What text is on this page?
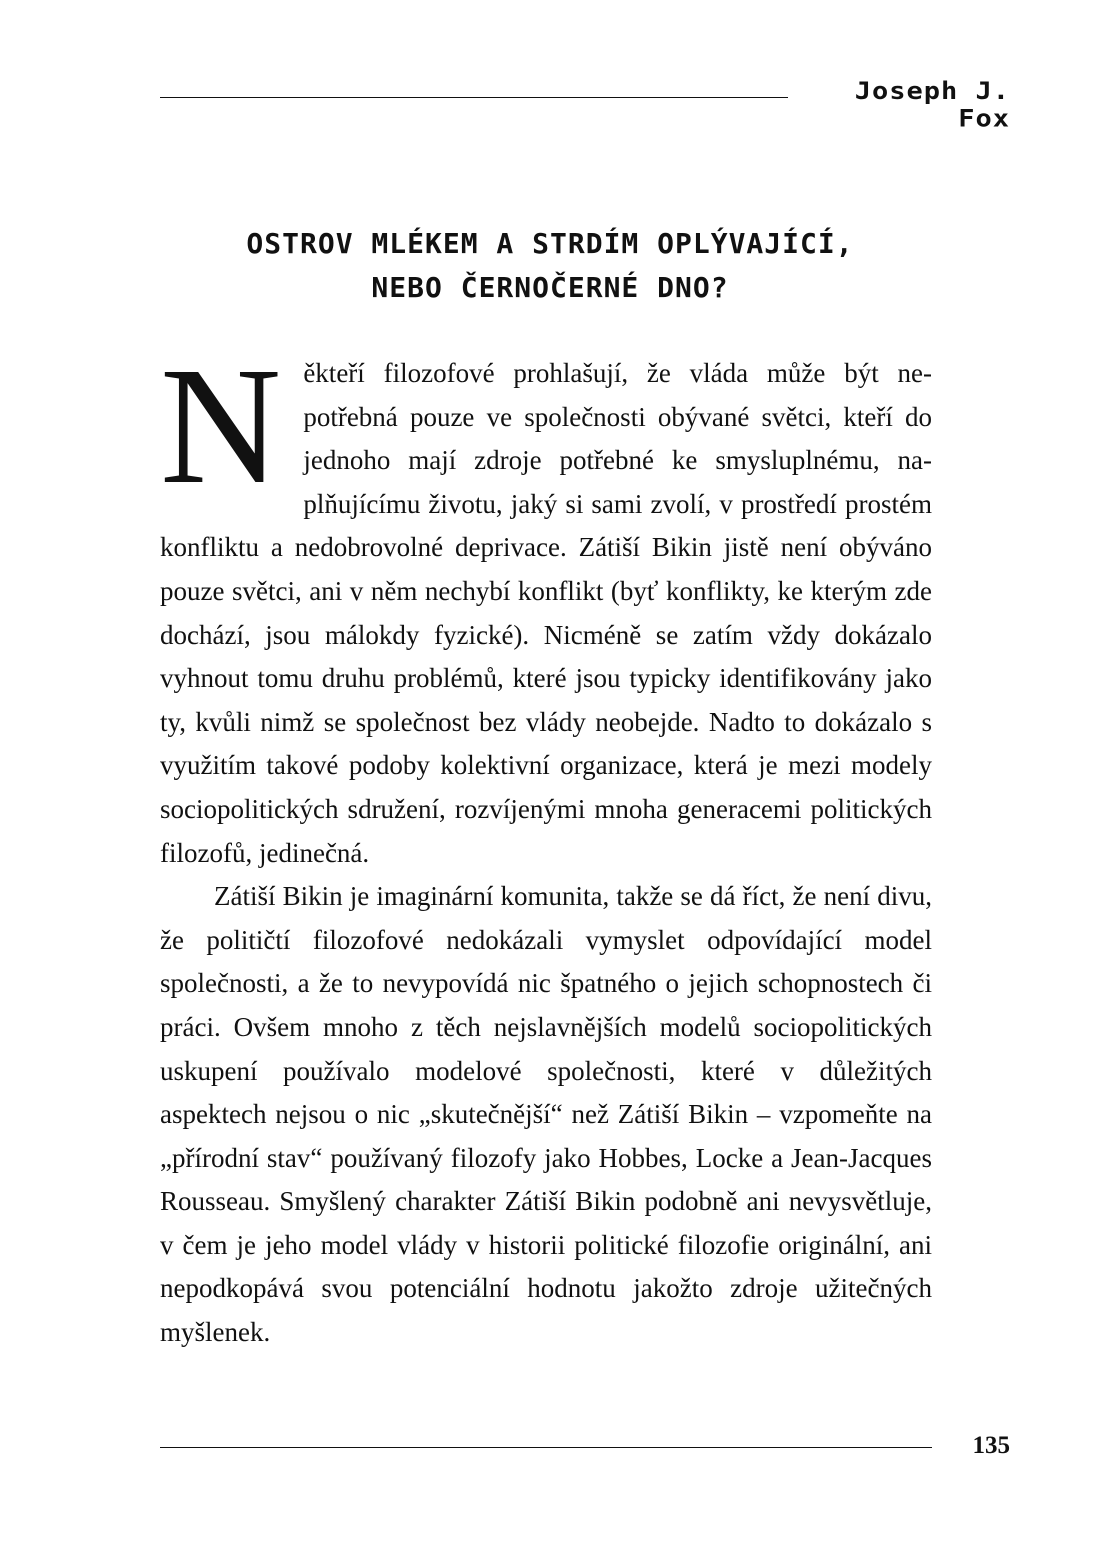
Joseph J. Fox
OSTROV MLÉKEM A STRDÍM OPLÝVAJÍCÍ,
NEBO ČERNOČERNÉ DNO?

Někteří filozofové prohlašují, že vláda může být nepotřebná pouze ve společnosti obývané světci, kteří do jednoho mají zdroje potřebné ke smysluplnému, naplňujícímu životu, jaký si sami zvolí, v prostředí prostém konfliktu a nedobrovolné deprivace. Zátiší Bikin jistě není obýváno pouze světci, ani v něm nechybí konflikt (byť konflikty, ke kterým zde dochází, jsou málokdy fyzické). Nicméně se zatím vždy dokázalo vyhnout tomu druhu problémů, které jsou typicky identifikovány jako ty, kvůli nimž se společnost bez vlády neobejde. Nadto to dokázalo s využitím takové podoby kolektivní organizace, která je mezi modely sociopolitických sdružení, rozvíjenými mnoha generacemi politických filozofů, jedinečná.

Zátiší Bikin je imaginární komunita, takže se dá říct, že není divu, že političtí filozofové nedokázali vymyslet odpovídající model společnosti, a že to nevypovídá nic špatného o jejich schopnostech či práci. Ovšem mnoho z těch nejslavnějších modelů sociopolitických uskupení používalo modelové společnosti, které v důležitých aspektech nejsou o nic „skutečnější“ než Zátiší Bikin – vzpomeňte na „přírodní stav“ používaný filozofy jako Hobbes, Locke a Jean-Jacques Rousseau. Smyšlený charakter Zátiší Bikin podobně ani nevysvětluje, v čem je jeho model vlády v historii politické filozofie originální, ani nepodkopává svou potenciální hodnotu jakožto zdroje užitečných myšlenek.

135
